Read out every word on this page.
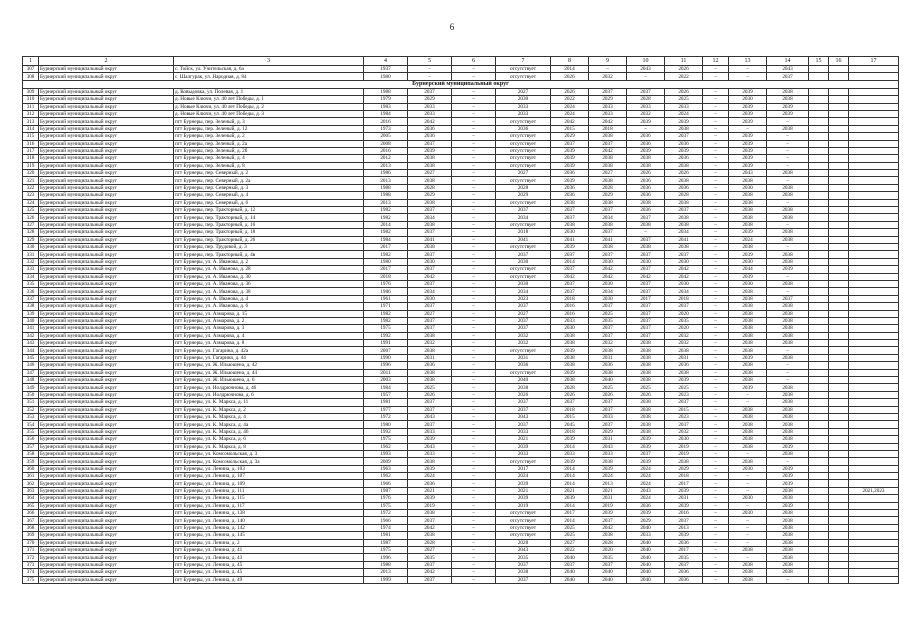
6
1	2	3	4	5	6	7	8	9	10	11	12	13	14	15	16	17
307	Бурнерский муниципальный округ	с. Тойск, ул. Учительская, д. 6а	1937	–	–	отсутствует	2014	–	2043	2026	–	–	2043			
308	Бурнерский муниципальный округ	с. Шалгурак, ул. Народная, д. 84	1980	–	–	отсутствует	2026	2032	–	2022	–	–	2037			
Бурнерский муниципальный округ																
309	Бурнерский муниципальный округ	д. Ковыдовка, ул. Полевая, д. 1	1988	2037	–	2027	2026	2037	2037	2026	–	2039	2038			
310	Бурнерский муниципальный округ	д. Новые Ключи, ул. 40 лет Победы, д. 1	1979	2029	–	2030	2022	2029	2028	2025	–	2030	2038			
311	Бурнерский муниципальный округ	д. Новые Ключи, ул. 40 лет Победы, д. 2	1983	2033	–	2033	2024	2033	2033	2033	–	2039	2039			
312	Бурнерский муниципальный округ	д. Новые Ключи, ул. 40 лет Победы, д. 3	1984	2033	–	2033	2024	2033	2032	2024	–	2039	2039			
313	Бурнерский муниципальный округ	пгт Бурнеры, пер. Зеленый, д. 3	2016	2042	–	отсутствует	2042	2042	2039	2039	–	2039	–			
314	Бурнерский муниципальный округ	пгт Бурнеры, пер. Зеленый, д. 12	1973	2036	–	2036	2015	2018	–	2038	–	–	2038			
315	Бурнерский муниципальный округ	пгт Бурнеры, пер. Зеленый, д. 2	2005	2036	–	отсутствует	2029	2038	2036	2037	–	2039	–			
316	Бурнерский муниципальный округ	пгт Бурнеры, пер. Зеленый, д. 2а	2008	2037	–	отсутствует	2037	2037	2036	2036	–	2039	–			
317	Бурнерский муниципальный округ	пгт Бурнеры, пер. Зеленый, д. 2б	2016	2039	–	отсутствует	2039	2042	2039	2039	–	2039	–			
318	Бурнерский муниципальный округ	пгт Бурнеры, пер. Зеленый, д. 4	2012	2038	–	отсутствует	2039	2038	2038	2036	–	2039	–			
319	Бурнерский муниципальный округ	пгт Бурнеры, пер. Зеленый, д. 8	2013	2038	–	отсутствует	2039	2038	2038	2038	–	2039	–			
320	Бурнерский муниципальный округ	пгт Бурнеры, пер. Северный, д. 2	1986	2027	–	2027	2036	2027	2026	2026	–	2043	2038			
321	Бурнерский муниципальный округ	пгт Бурнеры, пер. Северный, д. 2а	2013	2038	–	отсутствует	2039	2038	2036	2038	–	2038	–			
322	Бурнерский муниципальный округ	пгт Бурнеры, пер. Северный, д. 3	1988	2028	–	2028	2036	2028	2036	2036	–	2030	2038			
323	Бурнерский муниципальный округ	пгт Бурнеры, пер. Северный, д. 4	1988	2029	–	2029	2036	2029	2036	2028	–	2038	2038			
324	Бурнерский муниципальный округ	пгт Бурнеры, пер. Северный, д. 6	2013	2038	–	отсутствует	2038	2038	2038	2038	–	2038	–			
325	Бурнерский муниципальный округ	пгт Бурнеры, пер. Тракторный, д. 12	1982	2037	–	2037	2037	2037	2036	2037	–	2038	2038			
326	Бурнерский муниципальный округ	пгт Бурнеры, пер. Тракторный, д. 14	1982	2034	–	2034	2037	2034	2037	2038	–	2038	2038			
327	Бурнерский муниципальный округ	пгт Бурнеры, пер. Тракторный, д. 16	2014	2038	–	отсутствует	2038	2038	2038	2038	–	2038	–			
328	Бурнерский муниципальный округ	пгт Бурнеры, пер. Тракторный, д. 18	1982	2037	–	2018	2030	2037	–	2034	–	2039	2038			
329	Бурнерский муниципальный округ	пгт Бурнеры, пер. Тракторный, д. 26	1984	2041	–	2041	2041	2041	2037	2041	–	2024	2038			
330	Бурнерский муниципальный округ	пгт Бурнеры, пер. Трудовой, д. 3	2017	2038	–	отсутствует	2039	2038	2038	2038	–	2038	–			
331	Бурнерский муниципальный округ	пгт Бурнеры, пер. Тракторный, д. 4в	1982	2037	–	2037	2037	2037	2037	2037	–	2039	2038			
332	Бурнерский муниципальный округ	пгт Бурнеры, ул. А. Иванова, д. 2	1980	2030	–	2030	2014	2030	2030	2030	–	2030	2038			
333	Бурнерский муниципальный округ	пгт Бурнеры, ул. А. Иванова, д. 28	2017	2037	–	отсутствует	2037	2042	2037	2042	–	2044	2039			
334	Бурнерский муниципальный округ	пгт Бурнеры, ул. А. Иванова, д. 30	2018	2042	–	отсутствует	2042	2042	2042	2042	–	2039	–			
335	Бурнерский муниципальный округ	пгт Бурнеры, ул. А. Иванова, д. 36	1976	2037	–	2030	2037	2030	2037	2030	–	2030	2038			
336	Бурнерский муниципальный округ	пгт Бурнеры, ул. А. Иванова, д. 38	1986	2034	–	2034	2037	2034	2037	2034	–	2038	–			
337	Бурнерский муниципальный округ	пгт Бурнеры, ул. А. Иванова, д. 4	1961	2030	–	2023	2018	2030	2017	2018	–	2038	2037			
338	Бурнерский муниципальный округ	пгт Бурнеры, ул. А. Иванова, д. 6	1971	2037	–	2037	2016	2037	2037	2037	–	2038	2038			
339	Бурнерский муниципальный округ	пгт Бурнеры, ул. Азмарова, д. 15	1982	2027	–	2027	2016	2025	2037	2020	–	2038	2038			
340	Бурнерский муниципальный округ	пгт Бурнеры, ул. Азмарова, д. 2	1982	2037	–	2037	2033	2035	2037	2035	–	2038	2038			
341	Бурнерский муниципальный округ	пгт Бурнеры, ул. Азмарова, д. 3	1975	2037	–	2037	2030	2037	2037	2020	–	2038	2038			
342	Бурнерский муниципальный округ	пгт Бурнеры, ул. Азмарова, д. 4	1992	2038	–	2032	2038	2037	2037	2032	–	2038	2038			
343	Бурнерский муниципальный округ	пгт Бурнеры, ул. Азмарова, д. 8	1991	2032	–	2032	2038	2032	2038	2032	–	2038	2038			
344	Бурнерский муниципальный округ	пгт Бурнеры, ул. Гагарина, д. 42а	2007	2038	–	отсутствует	2039	2038	2038	2038	–	2038	–			
345	Бурнерский муниципальный округ	пгт Бурнеры, ул. Гагарина, д. 44	1990	2031	–	2031	2038	2031	2038	2031	–	2039	2038			
346	Бурнерский муниципальный округ	пгт Бурнеры, ул. Ж. Ильюшена, д. 42	1996	2036	–	2036	2038	2036	2038	2036	–	2038	–			
347	Бурнерский муниципальный округ	пгт Бурнеры, ул. Ж. Ильюшена, д. 44	2011	2038	–	отсутствует	2039	2038	2038	2038	–	2038	–			
348	Бурнерский муниципальный округ	пгт Бурнеры, ул. Ж. Ильюшена, д. 6	2003	2038	–	2040	2038	2040	2038	2039	–	2038	–			
349	Бурнерский муниципальный округ	пгт Бурнеры, ул. Иолдрючнова, д. 46	1984	2025	–	2038	2028	2025	2025	2025	–	2039	2038			
350	Бурнерский муниципальный округ	пгт Бурнеры, ул. Иолдрючнова, д. 6	1957	2026	–	2026	2026	2026	2026	2023	–	–	2038			
351	Бурнерский муниципальный округ	пгт Бурнеры, ул. К. Маркса, д. 11	1981	2037	–	2037	2037	2037	2038	2037	–	–	2038			
352	Бурнерский муниципальный округ	пгт Бурнеры, ул. К. Маркса, д. 2	1977	2037	–	2037	2018	2037	2038	2015	–	2038	2038			
353	Бурнерский муниципальный округ	пгт Бурнеры, ул. К. Маркса, д. 4	1972	2043	–	2043	2015	2033	2038	2023	–	2038	2038			
354	Бурнерский муниципальный округ	пгт Бурнеры, ул. К. Маркса, д. 4а	1980	2037	–	2037	2045	2037	2038	2037	–	2038	2038			
355	Бурнерский муниципальный округ	пгт Бурнеры, ул. К. Маркса, д. 46	1992	2033	–	2033	2018	2029	2038	2032	–	2038	2038			
356	Бурнерский муниципальный округ	пгт Бурнеры, ул. К. Маркса, д. 6	1975	2039	–	2021	2039	2031	2039	2030	–	2038	2038			
357	Бурнерский муниципальный округ	пгт Бурнеры, ул. К. Маркса, д. 8	1962	2043	–	2039	2014	2043	2039	2019	–	2038	2039			
358	Бурнерский муниципальный округ	пгт Бурнеры, ул. Комсомольская, д. 3	1993	2033	–	2033	2033	2033	2037	2019	–	–	2038			
359	Бурнерский муниципальный округ	пгт Бурнеры, ул. Комсомольская, д. 3а	2009	2038	–	отсутствует	2039	2038	2039	2038	–	2038	–			
360	Бурнерский муниципальный округ	пгт Бурнеры, ул. Ленина, д. 103	1963	2039	–	2017	2014	2039	2024	2029	–	2030	2039			
361	Бурнерский муниципальный округ	пгт Бурнеры, ул. Ленина, д. 107	1962	2024	–	2024	2014	2024	2024	2018	–	–	2039			
362	Бурнерский муниципальный округ	пгт Бурнеры, ул. Ленина, д. 109	1966	2036	–	2039	2014	2013	2024	2017	–	–	2039			
363	Бурнерский муниципальный округ	пгт Бурнеры, ул. Ленина, д. 111	1987	2021	–	2021	2021	2021	2043	2039	–	–	2038			2021,2023
364	Бурнерский муниципальный округ	пгт Бурнеры, ул. Ленина, д. 115	1976	2039	–	2039	2039	2031	2024	2031	–	2030	2038			
365	Бурнерский муниципальный округ	пгт Бурнеры, ул. Ленина, д. 117	1975	2019	–	2019	2014	2019	2036	2039	–	–	2039			
366	Бурнерский муниципальный округ	пгт Бурнеры, ул. Ленина, д. 138	1972	2038	–	отсутствует	2017	2039	2039	2016	–	2030	2038			
367	Бурнерский муниципальный округ	пгт Бурнеры, ул. Ленина, д. 140	1966	2037	–	отсутствует	2014	2037	2029	2037	–	–	2038			
368	Бурнерский муниципальный округ	пгт Бурнеры, ул. Ленина, д. 142	1974	2042	–	отсутствует	2025	2042	2040	2013	–	–	2038			
369	Бурнерский муниципальный округ	пгт Бурнеры, ул. Ленина, д. 145	1981	2038	–	отсутствует	2025	2038	2033	2039	–	–	2038			
370	Бурнерский муниципальный округ	пгт Бурнеры, ул. Ленина, д. 2	1987	2028	–	2028	2027	2028	2040	2036	–	–	2038			
371	Бурнерский муниципальный округ	пгт Бурнеры, ул. Ленина, д. 41	1975	2027	–	2043	2022	2020	2040	2017	–	2038	2038			
372	Бурнерский муниципальный округ	пгт Бурнеры, ул. Ленина, д. 43	1996	2035	–	2035	2040	2035	2040	2035	–	–	2038			
373	Бурнерский муниципальный округ	пгт Бурнеры, ул. Ленина, д. 45	1988	2037	–	2037	2037	2037	2040	2037	–	2038	2038			
374	Бурнерский муниципальный округ	пгт Бурнеры, ул. Ленина, д. 45	2013	2042	–	2038	2040	2040	2040	2036	–	2038	2038			
375	Бурнерский муниципальный округ	пгт Бурнеры, ул. Ленина, д. 49	1999	2037	–	2037	2040	2040	2040	2036	–	2038	–			
